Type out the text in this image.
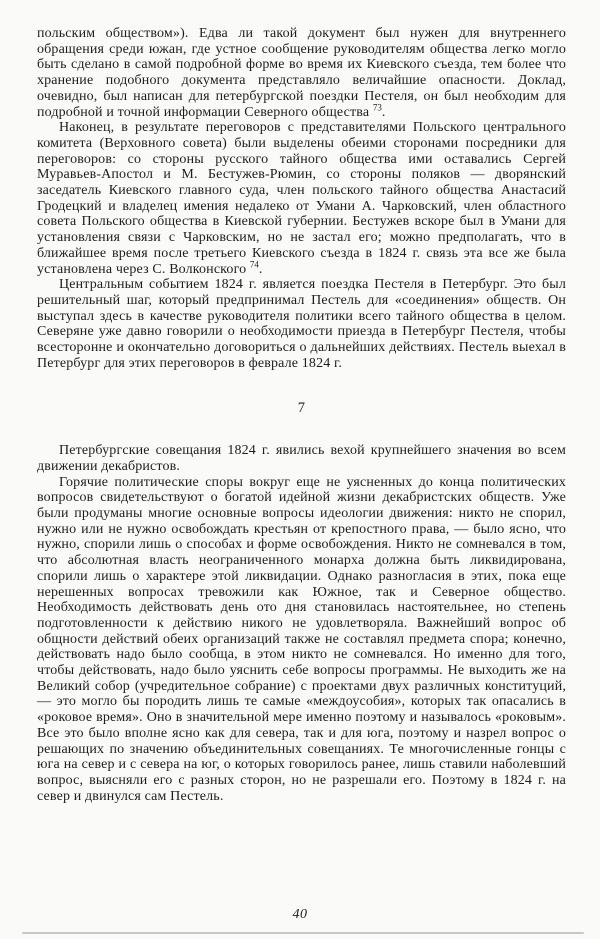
польским обществом»). Едва ли такой документ был нужен для внутреннего обращения среди южан, где устное сообщение руководителям общества легко могло быть сделано в самой подробной форме во время их Киевского съезда, тем более что хранение подобного документа представляло величайшие опасности. Доклад, очевидно, был написан для петербургской поездки Пестеля, он был необходим для подробной и точной информации Северного общества $^{73}$.

Наконец, в результате переговоров с представителями Польского центрального комитета (Верховного совета) были выделены обеими сторонами посредники для переговоров: со стороны русского тайного общества ими оставались Сергей Муравьев-Апостол и М. Бестужев-Рюмин, со стороны поляков — дворянский заседатель Киевского главного суда, член польского тайного общества Анастасий Гродецкий и владелец имения недалеко от Умани А. Чарковский, член областного совета Польского общества в Киевской губернии. Бестужев вскоре был в Умани для установления связи с Чарковским, но не застал его; можно предполагать, что в ближайшее время после третьего Киевского съезда в 1824 г. связь эта все же была установлена через С. Волконского $^{74}$.

Центральным событием 1824 г. является поездка Пестеля в Петербург. Это был решительный шаг, который предпринимал Пестель для «соединения» обществ. Он выступал здесь в качестве руководителя политики всего тайного общества в целом. Северяне уже давно говорили о необходимости приезда в Петербург Пестеля, чтобы всесторонне и окончательно договориться о дальнейших действиях. Пестель выехал в Петербург для этих переговоров в феврале 1824 г.

7

Петербургские совещания 1824 г. явились вехой крупнейшего значения во всем движении декабристов.

Горячие политические споры вокруг еще не уясненных до конца политических вопросов свидетельствуют о богатой идейной жизни декабристских обществ. Уже были продуманы многие основные вопросы идеологии движения: никто не спорил, нужно или не нужно освобождать крестьян от крепостного права, — было ясно, что нужно, спорили лишь о способах и форме освобождения. Никто не сомневался в том, что абсолютная власть неограниченного монарха должна быть ликвидирована, спорили лишь о характере этой ликвидации. Однако разногласия в этих, пока еще нерешенных вопросах тревожили как Южное, так и Северное общество. Необходимость действовать день ото дня становилась настоятельнее, но степень подготовленности к действию никого не удовлетворяла. Важнейший вопрос об общности действий обеих организаций также не составлял предмета спора; конечно, действовать надо было сообща, в этом никто не сомневался. Но именно для того, чтобы действовать, надо было уяснить себе вопросы программы. Не выходить же на Великий собор (учредительное собрание) с проектами двух различных конституций, — это могло бы породить лишь те самые «междоусобия», которых так опасались в «роковое время». Оно в значительной мере именно поэтому и называлось «роковым». Все это было вполне ясно как для севера, так и для юга, поэтому и назрел вопрос о решающих по значению объединительных совещаниях. Те многочисленные гонцы с юга на север и с севера на юг, о которых говорилось ранее, лишь ставили наболевший вопрос, выясняли его с разных сторон, но не разрешали его. Поэтому в 1824 г. на север и двинулся сам Пестель.

40
